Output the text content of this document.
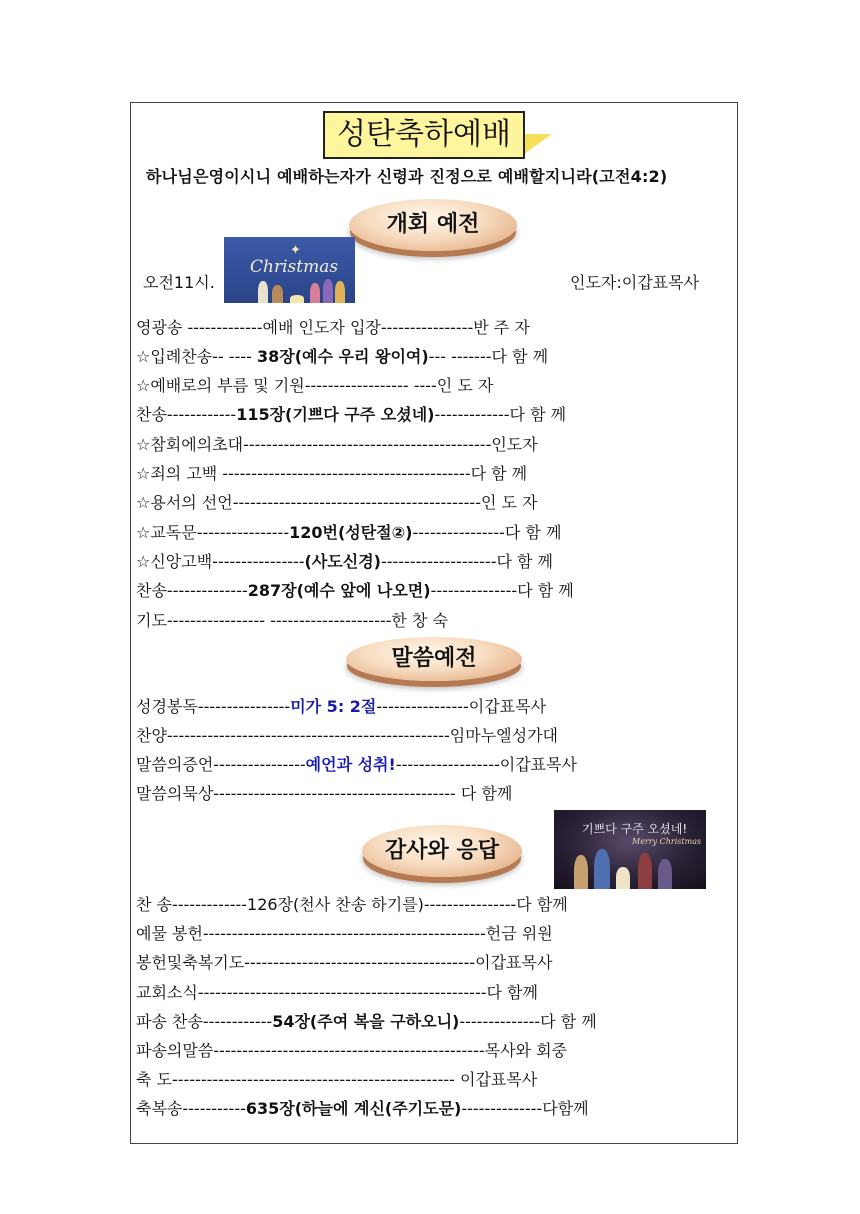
성탄축하예배
하나님은영이시니 예배하는자가 신령과 진정으로 예배할지니라(고전4:2)
개회 예전
✦
Christmas
오전11시.	인도자:이갑표목사
영광송 -------------예배 인도자 입장----------------반 주 자
☆입례찬송-- ---- 38장(예수 우리 왕이여)--- -------다 함 께
☆예배로의 부름 및 기원------------------ ----인 도 자
찬송------------115장(기쁘다 구주 오셨네)-------------다 함 께
☆참회에의초대-------------------------------------------인도자
☆죄의 고백 -------------------------------------------다 함 께
☆용서의 선언-------------------------------------------인 도 자
☆교독문----------------120번(성탄절②)----------------다 함 께
☆신앙고백----------------(사도신경)--------------------다 함 께
찬송--------------287장(예수 앞에 나오면)---------------다 함 께
기도----------------- ---------------------한 창 숙
말씀예전
성경봉독----------------미가 5: 2절----------------이갑표목사
찬양-------------------------------------------------임마누엘성가대
말씀의증언----------------예언과 성취!------------------이갑표목사
말씀의묵상------------------------------------------ 다 함께
감사와 응답
기쁘다 구주 오셨네!
Merry Christmas
찬 송-------------126장(천사 찬송 하기를)----------------다 함께
예물 봉헌-------------------------------------------------헌금 위원
봉헌및축복기도----------------------------------------이갑표목사
교회소식--------------------------------------------------다 함께
파송 찬송------------54장(주여 복을 구하오니)--------------다 함 께
파송의말씀-----------------------------------------------목사와 회중
축 도------------------------------------------------- 이갑표목사
축복송-----------635장(하늘에 계신(주기도문)--------------다함께
